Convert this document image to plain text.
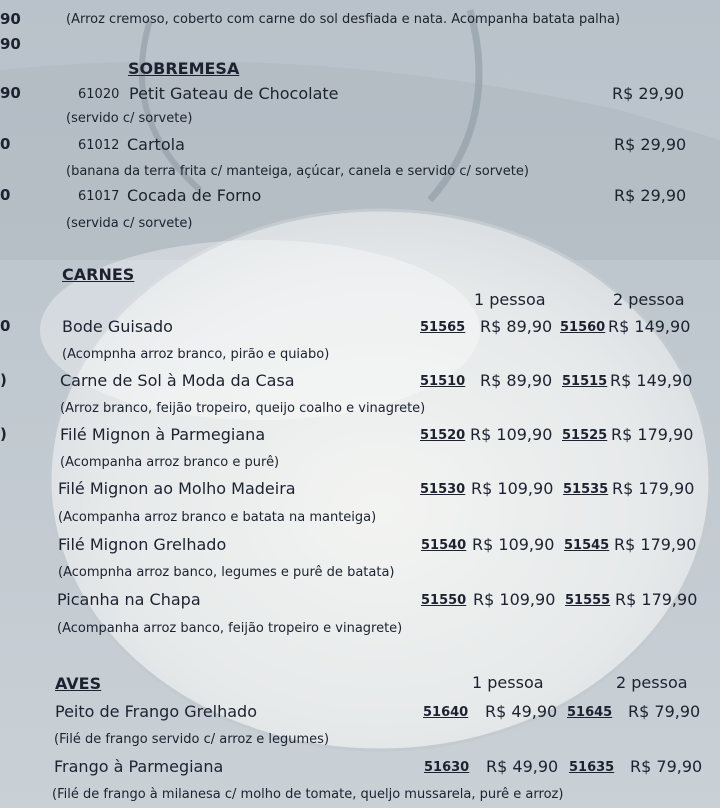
90
90
(Arroz cremoso, coberto com carne do sol desfiada e nata. Acompanha batata palha)
SOBREMESA
90	61020 Petit Gateau de Chocolate	R$ 29,90
(servido c/ sorvete)
0	61012 Cartola	R$ 29,90
(banana da terra frita c/ manteiga, açúcar, canela e servido c/ sorvete)
0	61017 Cocada de Forno	R$ 29,90
(servida c/ sorvete)
CARNES
1 pessoa	2 pessoa
0	Bode Guisado	51565 R$ 89,90 51560 R$ 149,90
(Acompnha arroz branco, pirão e quiabo)
)	Carne de Sol à Moda da Casa	51510 R$ 89,90 51515 R$ 149,90
(Arroz branco, feijão tropeiro, queijo coalho e vinagrete)
)	Filé Mignon à Parmegiana	51520 R$ 109,90 51525 R$ 179,90
(Acompanha arroz branco e purê)
Filé Mignon ao Molho Madeira	51530 R$ 109,90 51535 R$ 179,90
(Acompanha arroz branco e batata na manteiga)
Filé Mignon Grelhado	51540 R$ 109,90 51545 R$ 179,90
(Acompnha arroz banco, legumes e purê de batata)
Picanha na Chapa	51550 R$ 109,90 51555 R$ 179,90
(Acompanha arroz banco, feijão tropeiro e vinagrete)
AVES	1 pessoa	2 pessoa
Peito de Frango Grelhado	51640 R$ 49,90 51645 R$ 79,90
(Filé de frango servido c/ arroz e legumes)
Frango à Parmegiana	51630 R$ 49,90 51635 R$ 79,90
(Filé de frango à milanesa c/ molho de tomate, queljo mussarela, purê e arroz)
